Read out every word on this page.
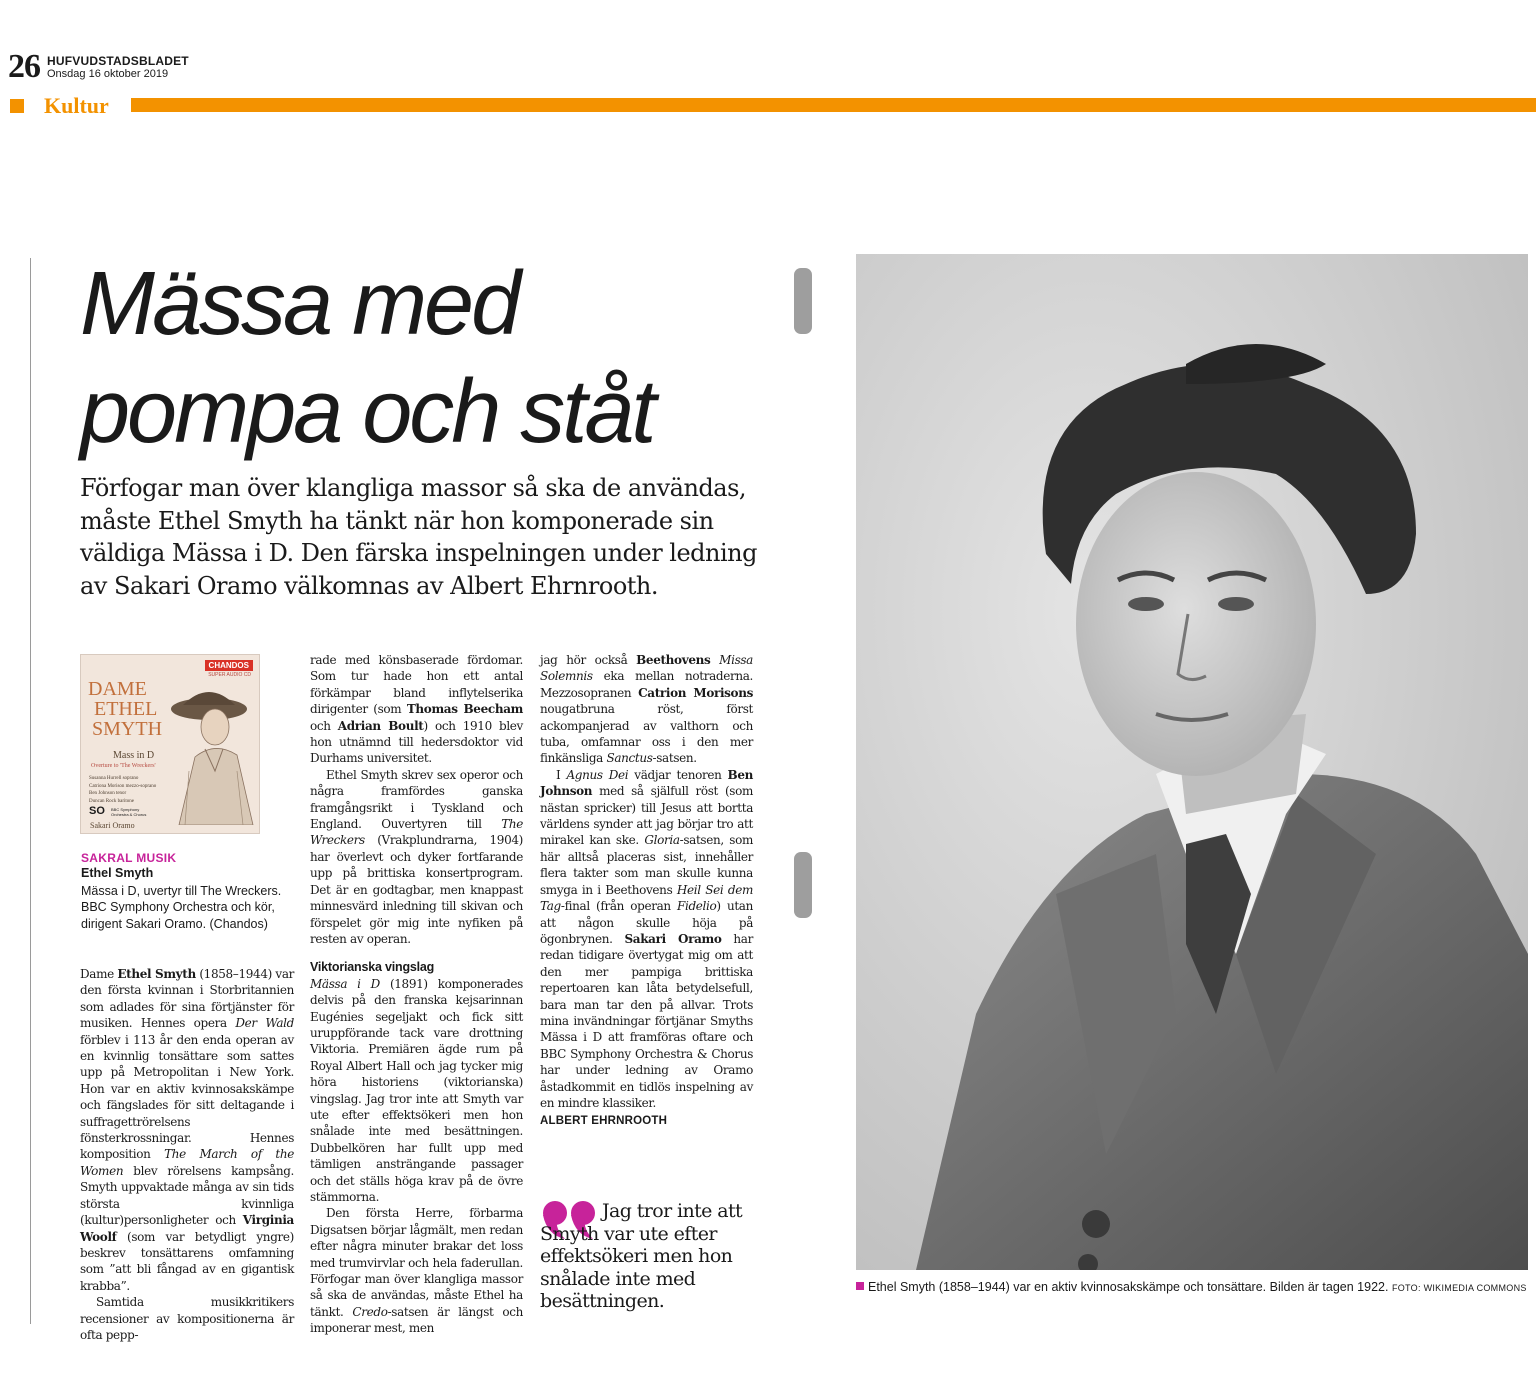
26 HUFVUDSTADSBLADET
Onsdag 16 oktober 2019
Kultur
Mässa med
pompa och ståt
Förfogar man över klangliga massor så ska de användas, måste Ethel Smyth ha tänkt när hon komponerade sin väldiga Mässa i D. Den färska inspelningen under ledning av Sakari Oramo välkomnas av Albert Ehrnrooth.
CHANDOS
SUPER AUDIO CD
DAME
ETHEL
SMYTH
Mass in D
Overture to 'The Wreckers'
Susanna Hurrell soprano
Catriona Morison mezzo-soprano
Ben Johnson tenor
Duncan Rock baritone
SO BBC Symphony Orchestra & Chorus
Sakari Oramo
SAKRAL MUSIK
Ethel Smyth
Mässa i D, uvertyr till The Wreckers. BBC Symphony Orchestra och kör, dirigent Sakari Oramo. (Chandos)

Dame Ethel Smyth (1858–1944) var den första kvinnan i Storbritannien som adlades för sina förtjänster för musiken. Hennes opera Der Wald förblev i 113 år den enda operan av en kvinnlig tonsättare som sattes upp på Metropolitan i New York. Hon var en aktiv kvinnosakskämpe och fängslades för sitt deltagande i suffragettrörelsens fönsterkrossningar. Hennes komposition The March of the Women blev rörelsens kampsång. Smyth uppvaktade många av sin tids största kvinnliga (kultur)personligheter och Virginia Woolf (som var betydligt yngre) beskrev tonsättarens omfamning som ”att bli fångad av en gigantisk krabba”.

Samtida musikkritikers recensioner av kompositionerna är ofta pepp-

rade med könsbaserade fördomar. Som tur hade hon ett antal förkämpar bland inflytelserika dirigenter (som Thomas Beecham och Adrian Boult) och 1910 blev hon utnämnd till hedersdoktor vid Durhams universitet.

Ethel Smyth skrev sex operor och några framfördes ganska framgångsrikt i Tyskland och England. Ouvertyren till The Wreckers (Vrakplundrarna, 1904) har överlevt och dyker fortfarande upp på brittiska konsertprogram. Det är en godtagbar, men knappast minnesvärd inledning till skivan och förspelet gör mig inte nyfiken på resten av operan.

Viktorianska vingslag

Mässa i D (1891) komponerades delvis på den franska kejsarinnan Eugénies segeljakt och fick sitt uruppförande tack vare drottning Viktoria. Premiären ägde rum på Royal Albert Hall och jag tycker mig höra historiens (viktorianska) vingslag. Jag tror inte att Smyth var ute efter effektsökeri men hon snålade inte med besättningen. Dubbelkören har fullt upp med tämligen ansträngande passager och det ställs höga krav på de övre stämmorna.

Den första Herre, förbarma Digsatsen börjar lågmält, men redan efter några minuter brakar det loss med trumvirvlar och hela faderullan. Förfogar man över klangliga massor så ska de användas, måste Ethel ha tänkt. Credo-satsen är längst och imponerar mest, men

jag hör också Beethovens Missa Solemnis eka mellan notraderna. Mezzosopranen Catrion Morisons nougatbruna röst, först ackompanjerad av valthorn och tuba, omfamnar oss i den mer finkänsliga Sanctus-satsen.

I Agnus Dei vädjar tenoren Ben Johnson med så själfull röst (som nästan spricker) till Jesus att bortta världens synder att jag börjar tro att mirakel kan ske. Gloria-satsen, som här alltså placeras sist, innehåller flera takter som man skulle kunna smyga in i Beethovens Heil Sei dem Tag-final (från operan Fidelio) utan att någon skulle höja på ögonbrynen. Sakari Oramo har redan tidigare övertygat mig om att den mer pampiga brittiska repertoaren kan låta betydelsefull, bara man tar den på allvar. Trots mina invändningar förtjänar Smyths Mässa i D att framföras oftare och BBC Symphony Orchestra & Chorus har under ledning av Oramo åstadkommit en tidlös inspelning av en mindre klassiker.

ALBERT EHRNROOTH
Jag tror inte att Smyth var ute efter effektsökeri men hon snålade inte med besättningen.
Ethel Smyth (1858–1944) var en aktiv kvinnosakskämpe och tonsättare. Bilden är tagen 1922. FOTO: WIKIMEDIA COMMONS
